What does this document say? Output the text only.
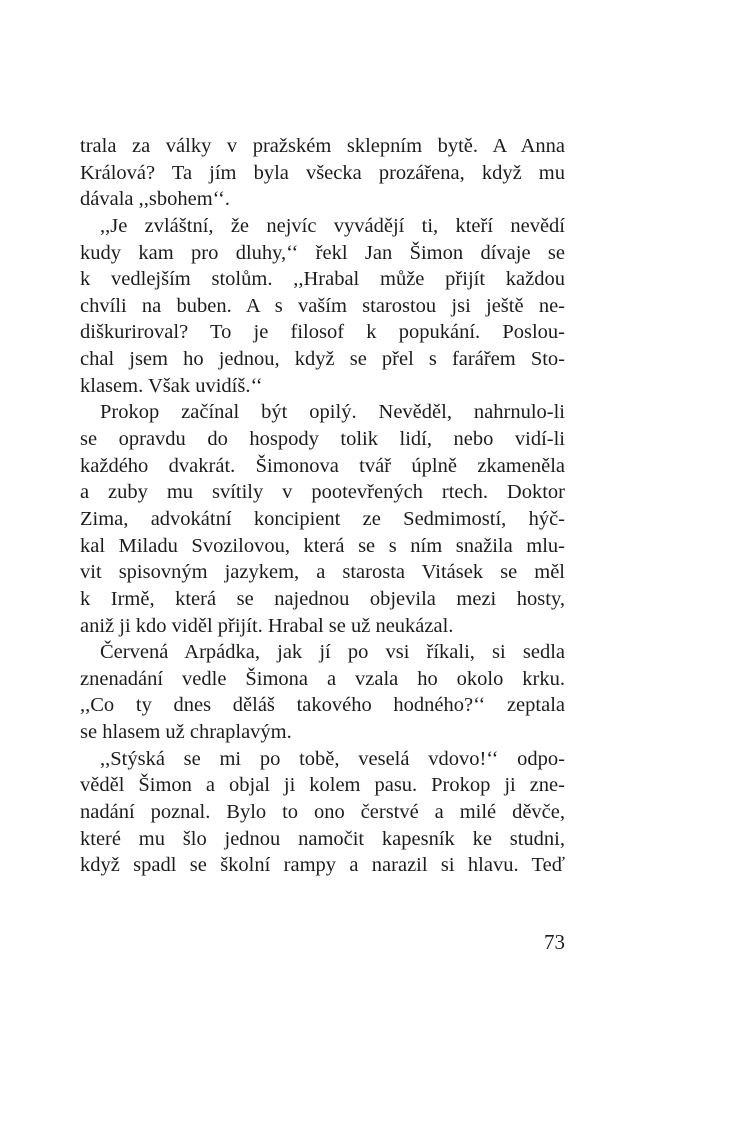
trala za války v pražském sklepním bytě. A Anna
Králová? Ta jím byla všecka prozářena, když mu
dávala ,,sbohem‘‘.
,,Je zvláštní, že nejvíc vyvádějí ti, kteří nevědí
kudy kam pro dluhy,‘‘ řekl Jan Šimon dívaje se
k vedlejším stolům. ,,Hrabal může přijít každou
chvíli na buben. A s vaším starostou jsi ještě ne-
diškuriroval? To je filosof k popukání. Poslou-
chal jsem ho jednou, když se přel s farářem Sto-
klasem. Však uvidíš.‘‘
Prokop začínal být opilý. Nevěděl, nahrnulo-li
se opravdu do hospody tolik lidí, nebo vidí-li
každého dvakrát. Šimonova tvář úplně zkamenělа
a zuby mu svítily v pootevřených rtech. Doktor
Zima, advokátní koncipient ze Sedmimostí, hýč-
kal Miladu Svozilovou, která se s ním snažila mlu-
vit spisovným jazykem, a starosta Vitásek se měl
k Irmě, která se najednou objevila mezi hosty,
aniž ji kdo viděl přijít. Hrabal se už neukázal.
Červená Arpádka, jak jí po vsi říkali, si sedla
znenadání vedle Šimona a vzala ho okolo krku.
,,Co ty dnes děláš takového hodného?‘‘ zeptala
se hlasem už chraplavým.
,,Stýská se mi po tobě, veselá vdovo!‘‘ odpo-
věděl Šimon a objal ji kolem pasu. Prokop ji zne-
nadání poznal. Bylo to ono čerstvé a milé děvče,
které mu šlo jednou namočit kapesník ke studni,
když spadl se školní rampy a narazil si hlavu. Teď
73
